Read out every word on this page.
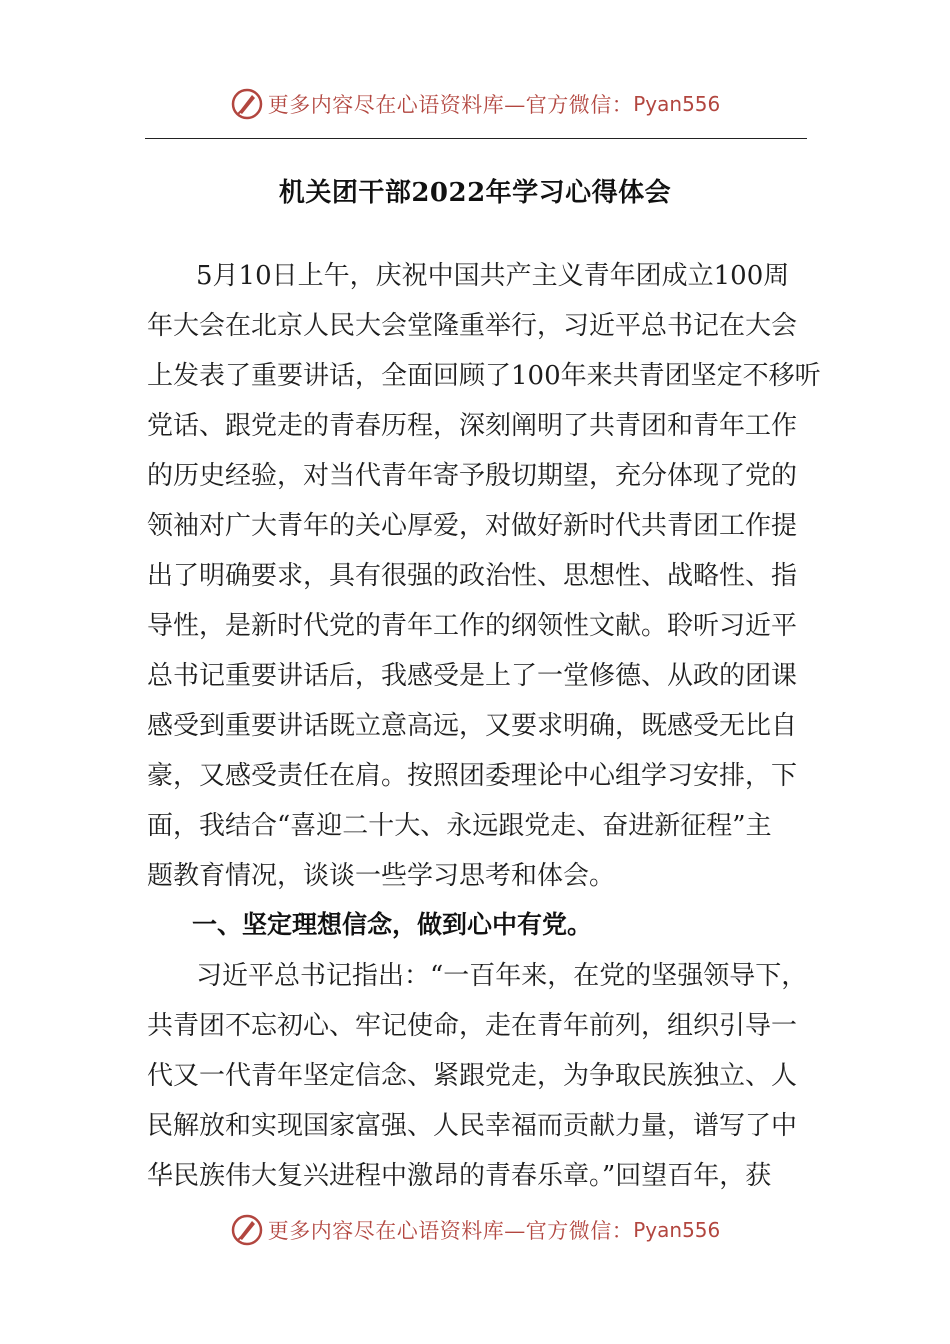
更多内容尽在心语资料库—官方微信： Pyan556
机关团干部2022年学习心得体会
5月10日上午，庆祝中国共产主义青年团成立100周
年大会在北京人民大会堂隆重举行，习近平总书记在大会
上发表了重要讲话，全面回顾了100年来共青团坚定不移听
党话、跟党走的青春历程，深刻阐明了共青团和青年工作
的历史经验，对当代青年寄予殷切期望，充分体现了党的
领袖对广大青年的关心厚爱，对做好新时代共青团工作提
出了明确要求，具有很强的政治性、思想性、战略性、指
导性，是新时代党的青年工作的纲领性文献。聆听习近平
总书记重要讲话后，我感受是上了一堂修德、从政的团课
感受到重要讲话既立意高远，又要求明确，既感受无比自
豪，又感受责任在肩。按照团委理论中心组学习安排，下
面，我结合“喜迎二十大、永远跟党走、奋进新征程”主
题教育情况，谈谈一些学习思考和体会。
一、坚定理想信念，做到心中有党。
习近平总书记指出：“一百年来，在党的坚强领导下，
共青团不忘初心、牢记使命，走在青年前列，组织引导一
代又一代青年坚定信念、紧跟党走，为争取民族独立、人
民解放和实现国家富强、人民幸福而贡献力量，谱写了中
华民族伟大复兴进程中激昂的青春乐章。”回望百年，获
更多内容尽在心语资料库—官方微信： Pyan556
